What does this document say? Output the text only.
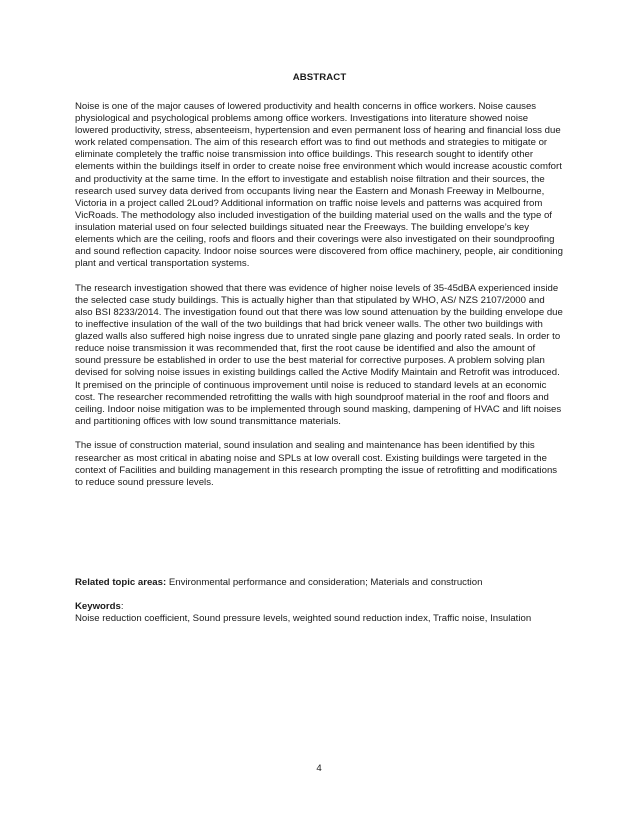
ABSTRACT

Noise is one of the major causes of lowered productivity and health concerns in office workers. Noise causes physiological and psychological problems among office workers. Investigations into literature showed noise lowered productivity, stress, absenteeism, hypertension and even permanent loss of hearing and financial loss due work related compensation. The aim of this research effort was to find out methods and strategies to mitigate or eliminate completely the traffic noise transmission into office buildings. This research sought to identify other elements within the buildings itself in order to create noise free environment which would increase acoustic comfort and productivity at the same time. In the effort to investigate and establish noise filtration and their sources, the research used survey data derived from occupants living near the Eastern and Monash Freeway in Melbourne, Victoria in a project called 2Loud? Additional information on traffic noise levels and patterns was acquired from VicRoads. The methodology also included investigation of the building material used on the walls and the type of insulation material used on four selected buildings situated near the Freeways. The building envelope’s key elements which are the ceiling, roofs and floors and their coverings were also investigated on their soundproofing and sound reflection capacity. Indoor noise sources were discovered from office machinery, people, air conditioning plant and vertical transportation systems.

The research investigation showed that there was evidence of higher noise levels of 35-45dBA experienced inside the selected case study buildings. This is actually higher than that stipulated by WHO, AS/ NZS 2107/2000 and also BSI 8233/2014. The investigation found out that there was low sound attenuation by the building envelope due to ineffective insulation of the wall of the two buildings that had brick veneer walls. The other two buildings with glazed walls also suffered high noise ingress due to unrated single pane glazing and poorly rated seals. In order to reduce noise transmission it was recommended that, first the root cause be identified and also the amount of sound pressure be established in order to use the best material for corrective purposes. A problem solving plan devised for solving noise issues in existing buildings called the Active Modify Maintain and Retrofit was introduced. It premised on the principle of continuous improvement until noise is reduced to standard levels at an economic cost. The researcher recommended retrofitting the walls with high soundproof material in the roof and floors and ceiling. Indoor noise mitigation was to be implemented through sound masking, dampening of HVAC and lift noises and partitioning offices with low sound transmittance materials.

The issue of construction material, sound insulation and sealing and maintenance has been identified by this researcher as most critical in abating noise and SPLs at low overall cost. Existing buildings were targeted in the context of Facilities and building management in this research prompting the issue of retrofitting and modifications to reduce sound pressure levels.

Related topic areas: Environmental performance and consideration; Materials and construction

Keywords:

Noise reduction coefficient, Sound pressure levels, weighted sound reduction index, Traffic noise, Insulation

4
